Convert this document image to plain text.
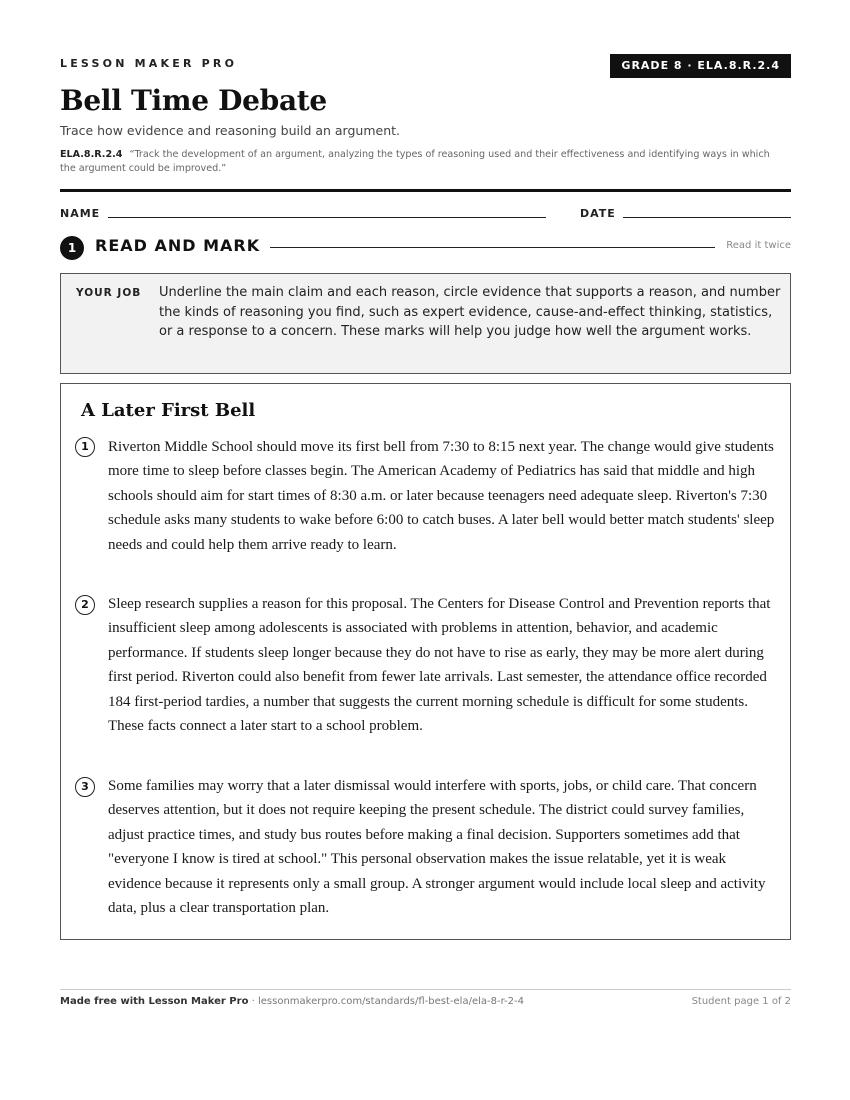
LESSON MAKER PRO	GRADE 8 · ELA.8.R.2.4
Bell Time Debate
Trace how evidence and reasoning build an argument.
ELA.8.R.2.4 “Track the development of an argument, analyzing the types of reasoning used and their effectiveness and identifying ways in which the argument could be improved.”
NAME	DATE
1	READ AND MARK	Read it twice
YOUR JOB Underline the main claim and each reason, circle evidence that supports a reason, and number the kinds of reasoning you find, such as expert evidence, cause-and-effect thinking, statistics, or a response to a concern. These marks will help you judge how well the argument works.
A Later First Bell
1	Riverton Middle School should move its first bell from 7:30 to 8:15 next year. The change would give students more time to sleep before classes begin. The American Academy of Pediatrics has said that middle and high schools should aim for start times of 8:30 a.m. or later because teenagers need adequate sleep. Riverton's 7:30 schedule asks many students to wake before 6:00 to catch buses. A later bell would better match students' sleep needs and could help them arrive ready to learn.

2	Sleep research supplies a reason for this proposal. The Centers for Disease Control and Prevention reports that insufficient sleep among adolescents is associated with problems in attention, behavior, and academic performance. If students sleep longer because they do not have to rise as early, they may be more alert during first period. Riverton could also benefit from fewer late arrivals. Last semester, the attendance office recorded 184 first-period tardies, a number that suggests the current morning schedule is difficult for some students. These facts connect a later start to a school problem.

3	Some families may worry that a later dismissal would interfere with sports, jobs, or child care. That concern deserves attention, but it does not require keeping the present schedule. The district could survey families, adjust practice times, and study bus routes before making a final decision. Supporters sometimes add that "everyone I know is tired at school." This personal observation makes the issue relatable, yet it is weak evidence because it represents only a small group. A stronger argument would include local sleep and activity data, plus a clear transportation plan.

Made free with Lesson Maker Pro · lessonmakerpro.com/standards/fl-best-ela/ela-8-r-2-4	Student page 1 of 2
